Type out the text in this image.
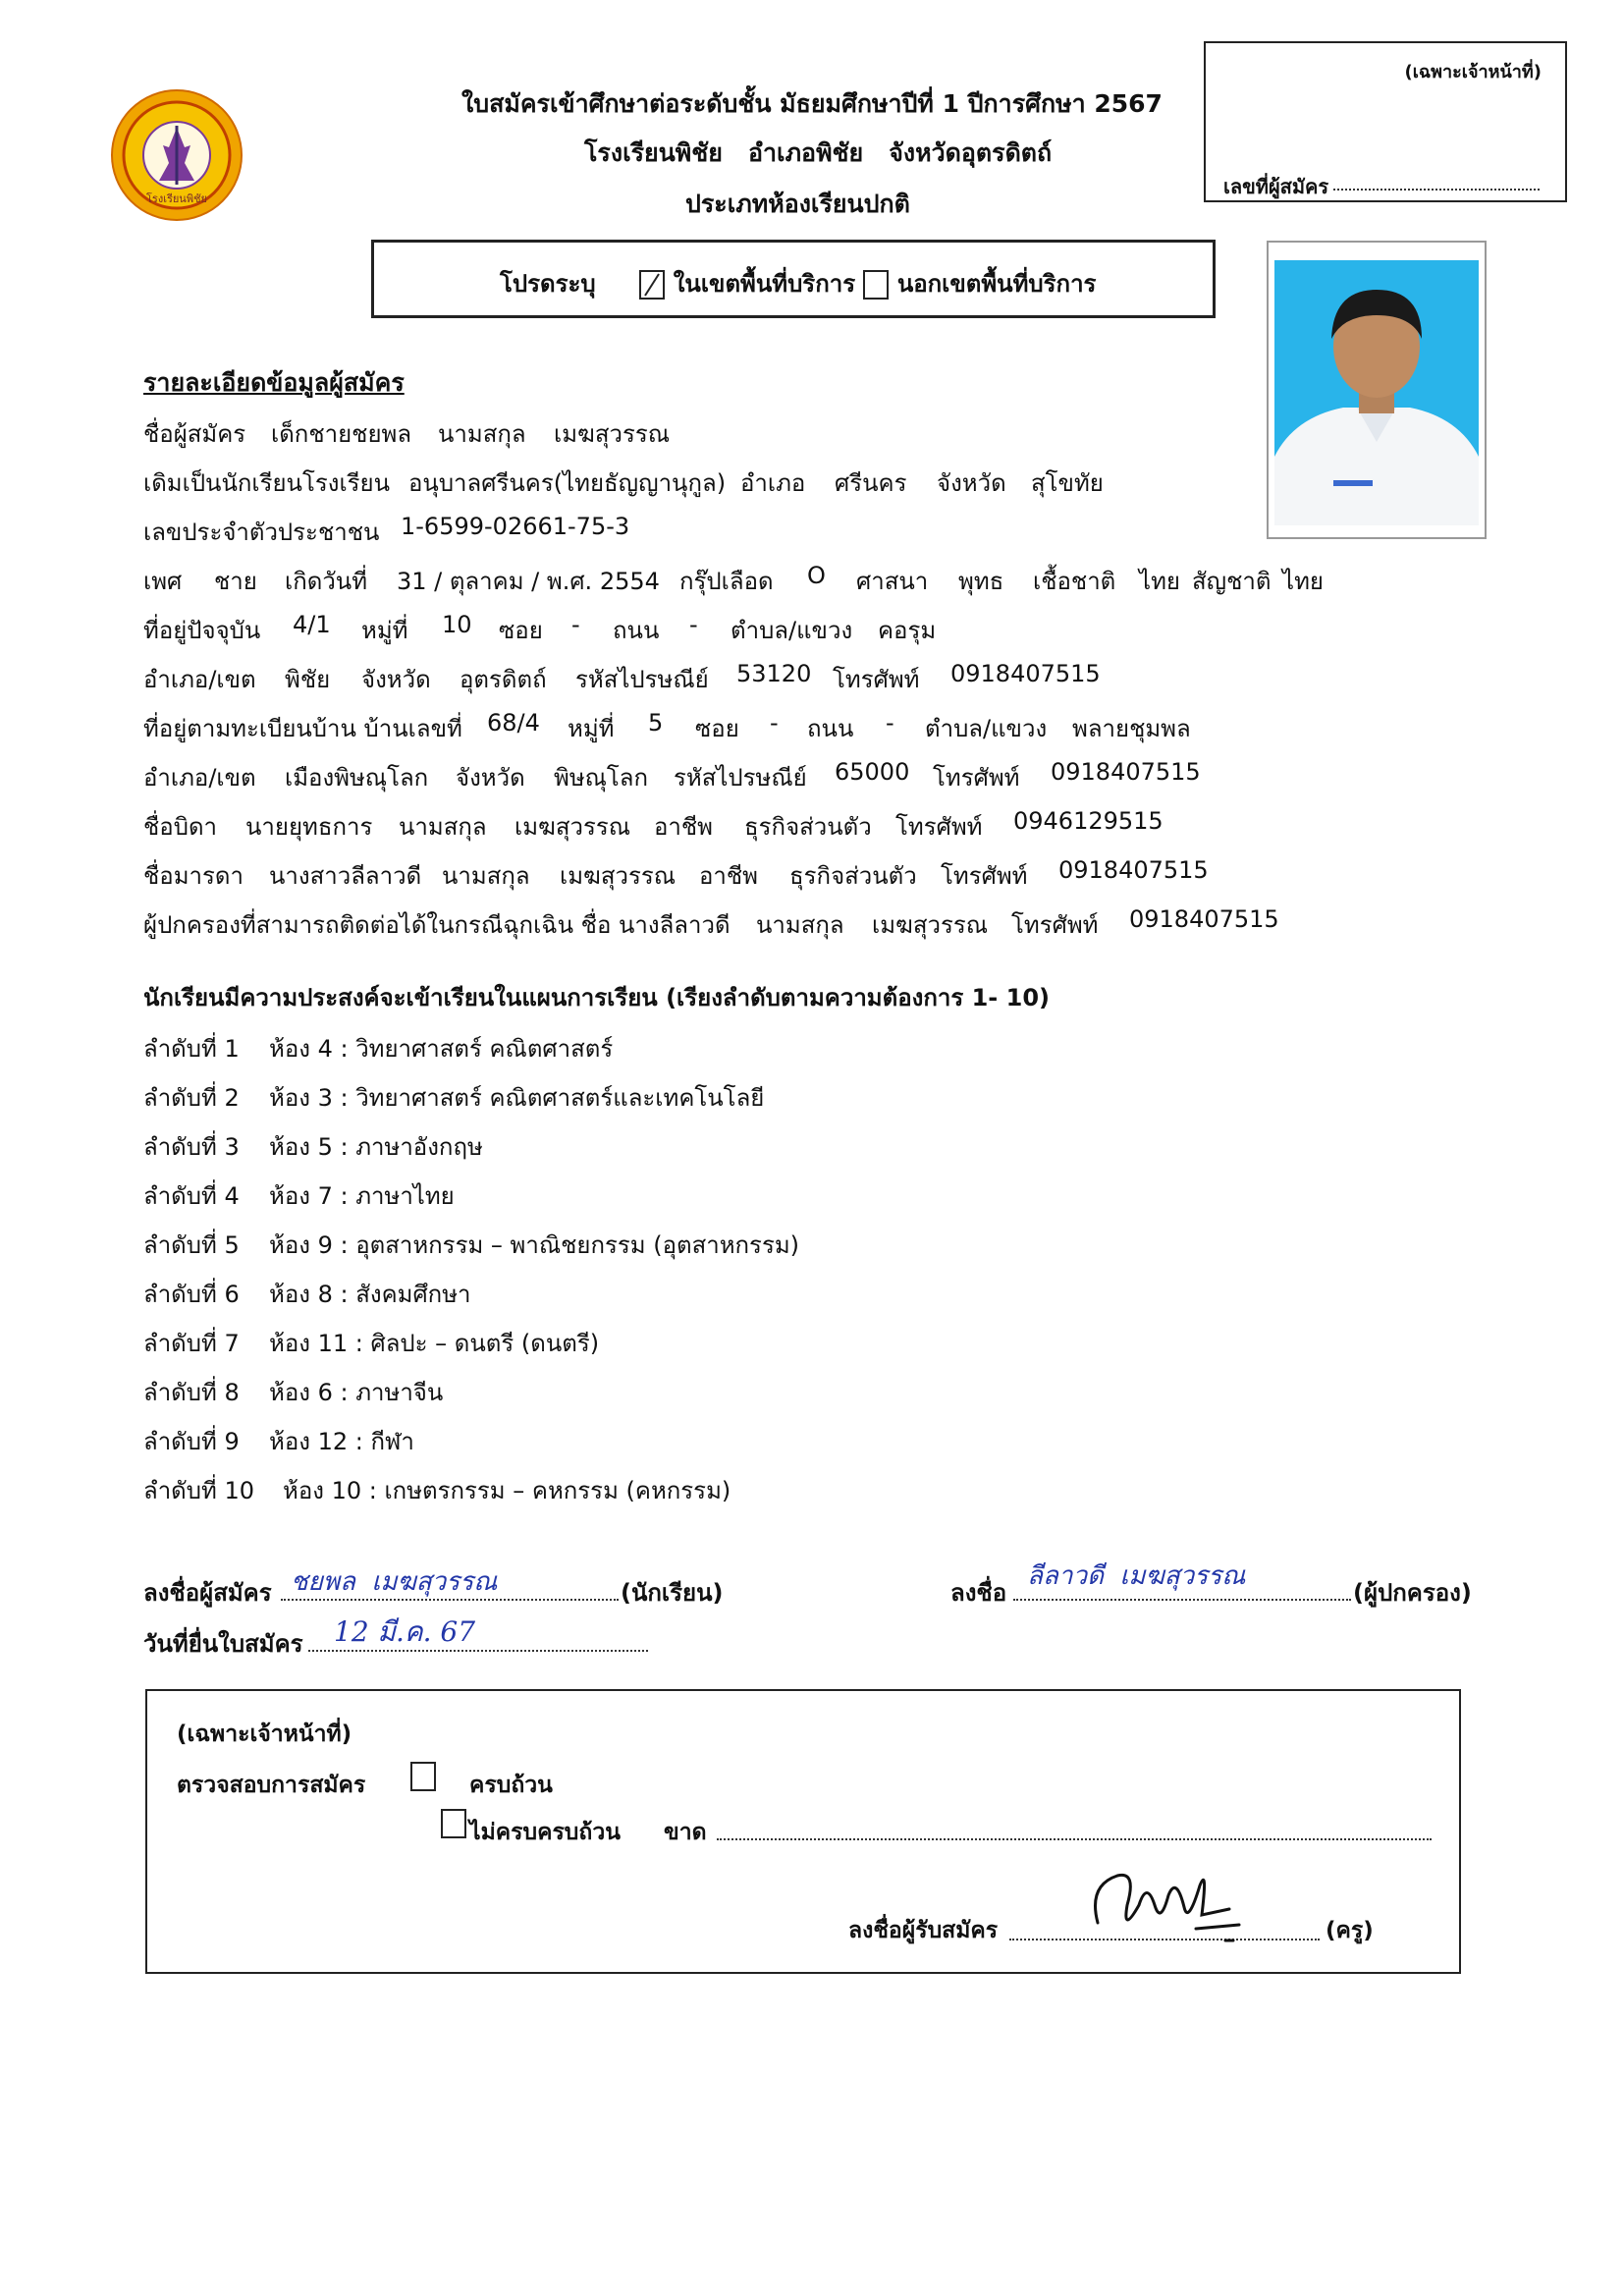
โรงเรียนพิชัย
ใบสมัครเข้าศึกษาต่อระดับชั้น มัธยมศึกษาปีที่ 1 ปีการศึกษา 2567
โรงเรียนพิชัย   อำเภอพิชัย   จังหวัดอุตรดิตถ์
ประเภทห้องเรียนปกติ
(เฉพาะเจ้าหน้าที่)
เลขที่ผู้สมัคร
โปรดระบุ	ในเขตพื้นที่บริการ นอกเขตพื้นที่บริการ
รายละเอียดข้อมูลผู้สมัคร
ชื่อผู้สมัคร เด็กชายชยพล นามสกุล เมฆสุวรรณ
เดิมเป็นนักเรียนโรงเรียน อนุบาลศรีนคร(ไทยธัญญานุกูล) อำเภอ ศรีนคร จังหวัด สุโขทัย
เลขประจำตัวประชาชน 1-6599-02661-75-3
เพศ ชาย เกิดวันที่ 31 / ตุลาคม / พ.ศ. 2554 กรุ๊ปเลือด O ศาสนา พุทธ เชื้อชาติ ไทย สัญชาติ ไทย
ที่อยู่ปัจจุบัน 4/1 หมู่ที่ 10 ซอย - ถนน - ตำบล/แขวง คอรุม
อำเภอ/เขต พิชัย จังหวัด อุตรดิตถ์ รหัสไปรษณีย์ 53120 โทรศัพท์ 0918407515
ที่อยู่ตามทะเบียนบ้าน บ้านเลขที่ 68/4 หมู่ที่ 5 ซอย - ถนน - ตำบล/แขวง พลายชุมพล
อำเภอ/เขต เมืองพิษณุโลก จังหวัด พิษณุโลก รหัสไปรษณีย์ 65000 โทรศัพท์ 0918407515
ชื่อบิดา นายยุทธการ นามสกุล เมฆสุวรรณ อาชีพ ธุรกิจส่วนตัว โทรศัพท์ 0946129515
ชื่อมารดา นางสาวลีลาวดี นามสกุล เมฆสุวรรณ อาชีพ ธุรกิจส่วนตัว โทรศัพท์ 0918407515
ผู้ปกครองที่สามารถติดต่อได้ในกรณีฉุกเฉิน ชื่อ นางลีลาวดี นามสกุล เมฆสุวรรณ โทรศัพท์ 0918407515
นักเรียนมีความประสงค์จะเข้าเรียนในแผนการเรียน (เรียงลำดับตามความต้องการ 1- 10)
ลำดับที่ 1 ห้อง 4 : วิทยาศาสตร์ คณิตศาสตร์
ลำดับที่ 2 ห้อง 3 : วิทยาศาสตร์ คณิตศาสตร์และเทคโนโลยี
ลำดับที่ 3 ห้อง 5 : ภาษาอังกฤษ
ลำดับที่ 4 ห้อง 7 : ภาษาไทย
ลำดับที่ 5 ห้อง 9 : อุตสาหกรรม – พาณิชยกรรม (อุตสาหกรรม)
ลำดับที่ 6 ห้อง 8 : สังคมศึกษา
ลำดับที่ 7 ห้อง 11 : ศิลปะ – ดนตรี (ดนตรี)
ลำดับที่ 8 ห้อง 6 : ภาษาจีน
ลำดับที่ 9 ห้อง 12 : กีฬา
ลำดับที่ 10 ห้อง 10 : เกษตรกรรม – คหกรรม (คหกรรม)
ลงชื่อผู้สมัคร ชยพล  เมฆสุวรรณ	(นักเรียน)
วันที่ยื่นใบสมัคร 12 มี.ค. 67
ลงชื่อ
ลีลาวดี  เมฆสุวรรณ
(ผู้ปกครอง)
(เฉพาะเจ้าหน้าที่)
ตรวจสอบการสมัคร
	ครบถ้วน
ไม่ครบครบถ้วน ขาด
ลงชื่อผู้รับสมัคร	(ครู)
